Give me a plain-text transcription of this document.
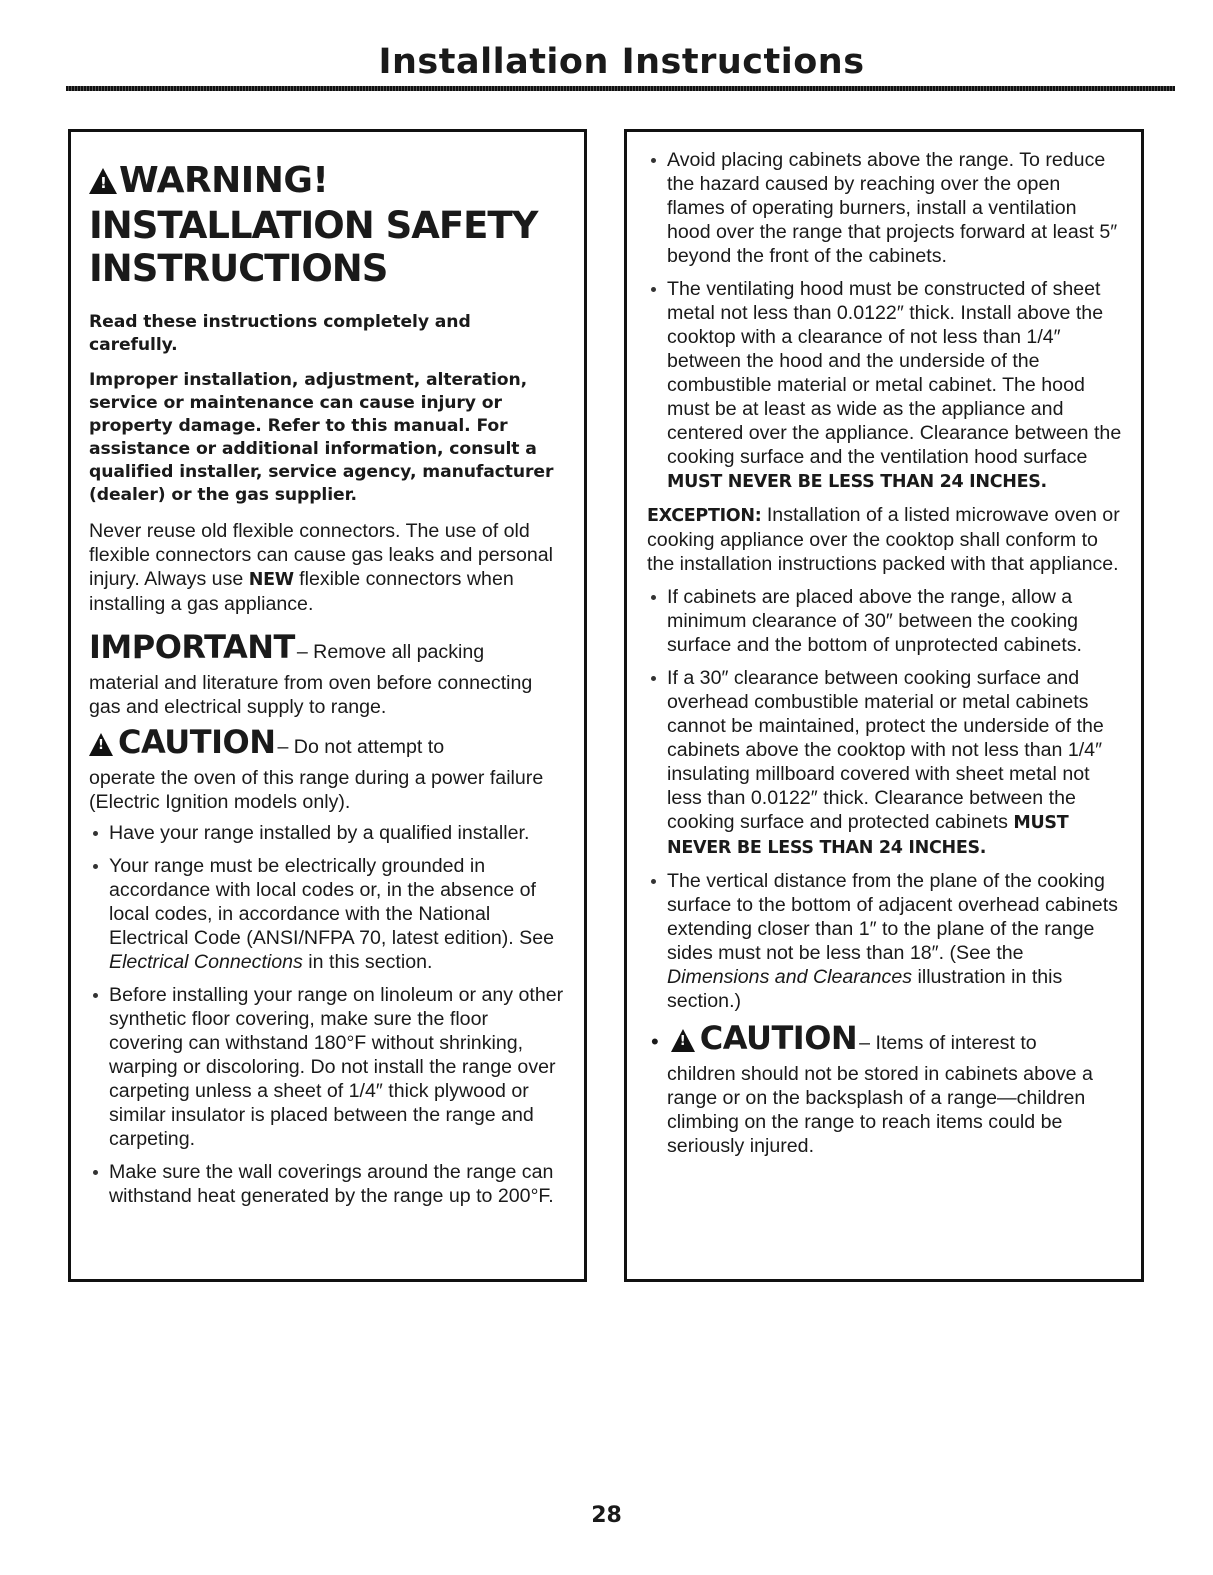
Installation Instructions
!
WARNING!
INSTALLATION SAFETY
INSTRUCTIONS

Read these instructions completely and carefully.

Improper installation, adjustment, alteration, service or maintenance can cause injury or property damage. Refer to this manual. For assistance or additional information, consult a qualified installer, service agency, manufacturer (dealer) or the gas supplier.

Never reuse old flexible connectors. The use of old flexible connectors can cause gas leaks and personal injury. Always use NEW flexible connectors when installing a gas appliance.

IMPORTANT – Remove all packing

material and literature from oven before connecting gas and electrical supply to range.

!
CAUTION – Do not attempt to

operate the oven of this range during a power failure (Electric Ignition models only).

Have your range installed by a qualified installer.
Your range must be electrically grounded in accordance with local codes or, in the absence of local codes, in accordance with the National Electrical Code (ANSI/NFPA 70, latest edition). See Electrical Connections in this section.
Before installing your range on linoleum or any other synthetic floor covering, make sure the floor covering can withstand 180°F without shrinking, warping or discoloring. Do not install the range over carpeting unless a sheet of 1/4″ thick plywood or similar insulator is placed between the range and carpeting.
Make sure the wall coverings around the range can withstand heat generated by the range up to 200°F.
Avoid placing cabinets above the range. To reduce the hazard caused by reaching over the open flames of operating burners, install a ventilation hood over the range that projects forward at least 5″ beyond the front of the cabinets.
The ventilating hood must be constructed of sheet metal not less than 0.0122″ thick. Install above the cooktop with a clearance of not less than 1/4″ between the hood and the underside of the combustible material or metal cabinet. The hood must be at least as wide as the appliance and centered over the appliance. Clearance between the cooking surface and the ventilation hood surface MUST NEVER BE LESS THAN 24 INCHES.

EXCEPTION: Installation of a listed microwave oven or cooking appliance over the cooktop shall conform to the installation instructions packed with that appliance.

If cabinets are placed above the range, allow a minimum clearance of 30″ between the cooking surface and the bottom of unprotected cabinets.
If a 30″ clearance between cooking surface and overhead combustible material or metal cabinets cannot be maintained, protect the underside of the cabinets above the cooktop with not less than 1/4″ insulating millboard covered with sheet metal not less than 0.0122″ thick. Clearance between the cooking surface and protected cabinets MUST NEVER BE LESS THAN 24 INCHES.
The vertical distance from the plane of the cooking surface to the bottom of adjacent overhead cabinets extending closer than 1″ to the plane of the range sides must not be less than 18″. (See the Dimensions and Clearances illustration in this section.)
•
! CAUTION – Items of interest to

children should not be stored in cabinets above a range or on the backsplash of a range—children climbing on the range to reach items could be seriously injured.

28
